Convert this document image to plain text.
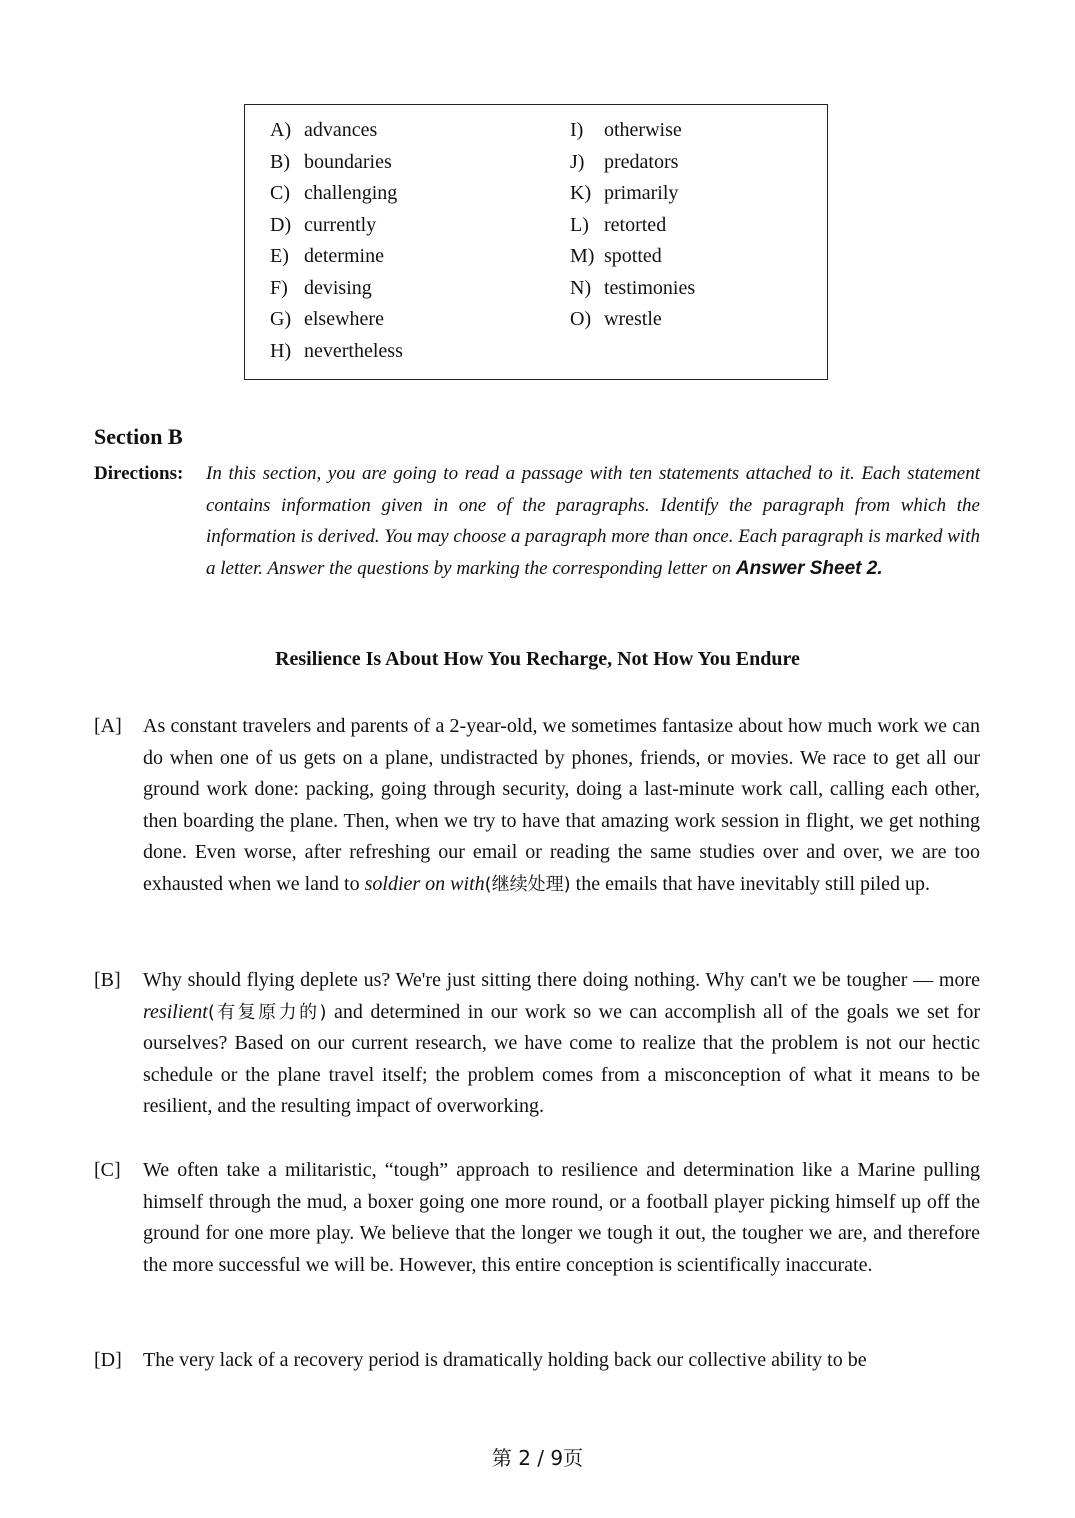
A) advances
B) boundaries
C) challenging
D) currently
E) determine
F) devising
G) elsewhere
H) nevertheless
I) otherwise
J) predators
K) primarily
L) retorted
M) spotted
N) testimonies
O) wrestle
Section B
Directions: In this section, you are going to read a passage with ten statements attached to it. Each statement contains information given in one of the paragraphs. Identify the paragraph from which the information is derived. You may choose a paragraph more than once. Each paragraph is marked with a letter. Answer the questions by marking the corresponding letter on Answer Sheet 2.
Resilience Is About How You Recharge, Not How You Endure
[A] As constant travelers and parents of a 2-year-old, we sometimes fantasize about how much work we can do when one of us gets on a plane, undistracted by phones, friends, or movies. We race to get all our ground work done: packing, going through security, doing a last-minute work call, calling each other, then boarding the plane. Then, when we try to have that amazing work session in flight, we get nothing done. Even worse, after refreshing our email or reading the same studies over and over, we are too exhausted when we land to soldier on with(继续处理) the emails that have inevitably still piled up.
[B] Why should flying deplete us? We're just sitting there doing nothing. Why can't we be tougher — more resilient(有复原力的) and determined in our work so we can accomplish all of the goals we set for ourselves? Based on our current research, we have come to realize that the problem is not our hectic schedule or the plane travel itself; the problem comes from a misconception of what it means to be resilient, and the resulting impact of overworking.
[C] We often take a militaristic, “tough” approach to resilience and determination like a Marine pulling himself through the mud, a boxer going one more round, or a football player picking himself up off the ground for one more play. We believe that the longer we tough it out, the tougher we are, and therefore the more successful we will be. However, this entire conception is scientifically inaccurate.
[D] The very lack of a recovery period is dramatically holding back our collective ability to be
第 2 / 9页
